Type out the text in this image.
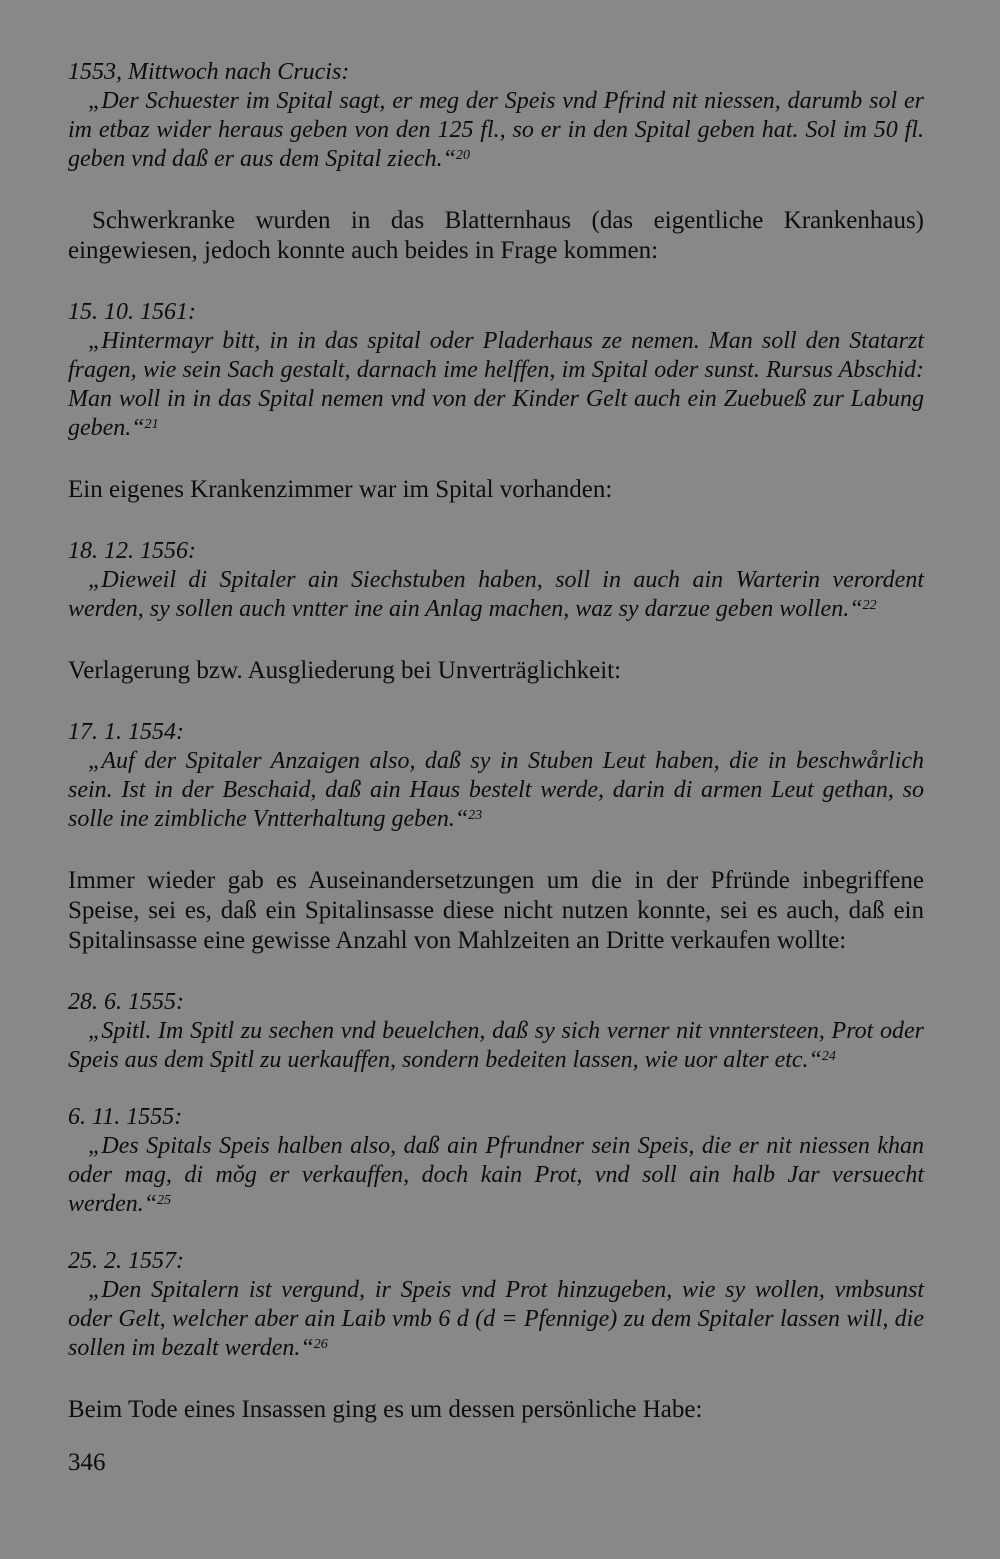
1553, Mittwoch nach Crucis:

„Der Schuester im Spital sagt, er meg der Speis vnd Pfrind nit niessen, darumb sol er im etbaz wider heraus geben von den 125 fl., so er in den Spital geben hat. Sol im 50 fl. geben vnd daß er aus dem Spital ziech.“$^{20}$

Schwerkranke wurden in das Blatternhaus (das eigentliche Krankenhaus) eingewiesen, jedoch konnte auch beides in Frage kommen:

15. 10. 1561:

„Hintermayr bitt, in in das spital oder Pladerhaus ze nemen. Man soll den Statarzt fragen, wie sein Sach gestalt, darnach ime helffen, im Spital oder sunst. Rursus Abschid: Man woll in in das Spital nemen vnd von der Kinder Gelt auch ein Zuebueß zur Labung geben.“$^{21}$

Ein eigenes Krankenzimmer war im Spital vorhanden:

18. 12. 1556:

„Dieweil di Spitaler ain Siechstuben haben, soll in auch ain Warterin verordent werden, sy sollen auch vntter ine ain Anlag machen, waz sy darzue geben wollen.“$^{22}$

Verlagerung bzw. Ausgliederung bei Unverträglichkeit:

17. 1. 1554:

„Auf der Spitaler Anzaigen also, daß sy in Stuben Leut haben, die in beschwårlich sein. Ist in der Beschaid, daß ain Haus bestelt werde, darin di armen Leut gethan, so solle ine zimbliche Vntterhaltung geben.“$^{23}$

Immer wieder gab es Auseinandersetzungen um die in der Pfründe inbegriffene Speise, sei es, daß ein Spitalinsasse diese nicht nutzen konnte, sei es auch, daß ein Spitalinsasse eine gewisse Anzahl von Mahlzeiten an Dritte verkaufen wollte:

28. 6. 1555:

„Spitl. Im Spitl zu sechen vnd beuelchen, daß sy sich verner nit vnntersteen, Prot oder Speis aus dem Spitl zu uerkauffen, sondern bedeiten lassen, wie uor alter etc.“$^{24}$

6. 11. 1555:

„Des Spitals Speis halben also, daß ain Pfrundner sein Speis, die er nit niessen khan oder mag, di mǒg er verkauffen, doch kain Prot, vnd soll ain halb Jar versuecht werden.“$^{25}$

25. 2. 1557:

„Den Spitalern ist vergund, ir Speis vnd Prot hinzugeben, wie sy wollen, vmbsunst oder Gelt, welcher aber ain Laib vmb 6 d (d = Pfennige) zu dem Spitaler lassen will, die sollen im bezalt werden.“$^{26}$

Beim Tode eines Insassen ging es um dessen persönliche Habe:

346
